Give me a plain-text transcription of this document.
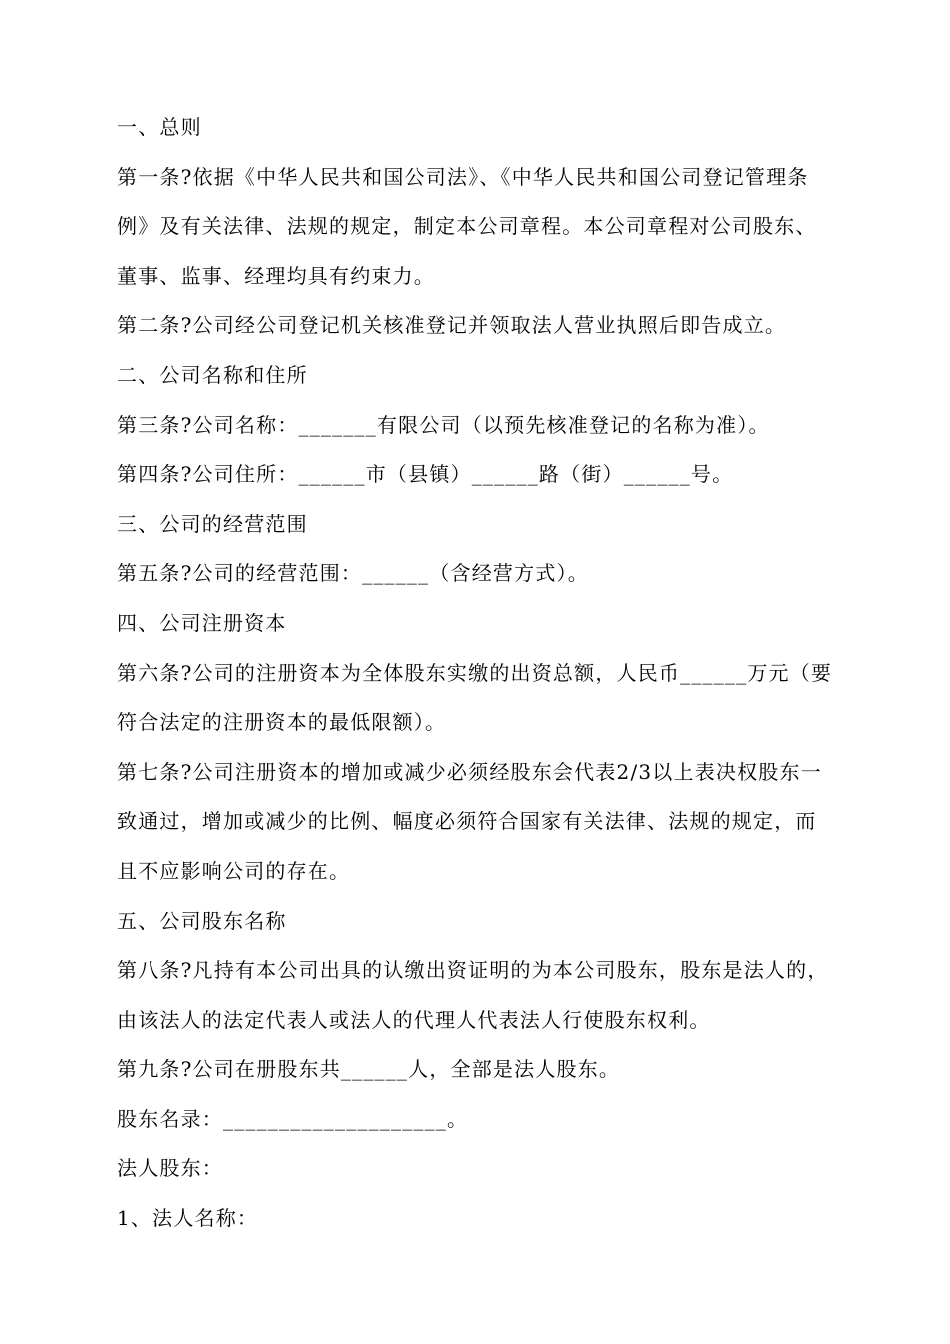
一、总则

第一条?依据《中华人民共和国公司法》、《中华人民共和国公司登记管理条例》及有关法律、法规的规定，制定本公司章程。本公司章程对公司股东、董事、监事、经理均具有约束力。

第二条?公司经公司登记机关核准登记并领取法人营业执照后即告成立。

二、公司名称和住所

第三条?公司名称：_______有限公司（以预先核准登记的名称为准）。

第四条?公司住所：______市（县镇）______路（街）______号。

三、公司的经营范围

第五条?公司的经营范围：______（含经营方式）。

四、公司注册资本

第六条?公司的注册资本为全体股东实缴的出资总额，人民币______万元（要符合法定的注册资本的最低限额）。

第七条?公司注册资本的增加或减少必须经股东会代表2/3以上表决权股东一致通过，增加或减少的比例、幅度必须符合国家有关法律、法规的规定，而且不应影响公司的存在。

五、公司股东名称

第八条?凡持有本公司出具的认缴出资证明的为本公司股东，股东是法人的，由该法人的法定代表人或法人的代理人代表法人行使股东权利。

第九条?公司在册股东共______人，全部是法人股东。

股东名录：____________________。

法人股东：

1、法人名称：
